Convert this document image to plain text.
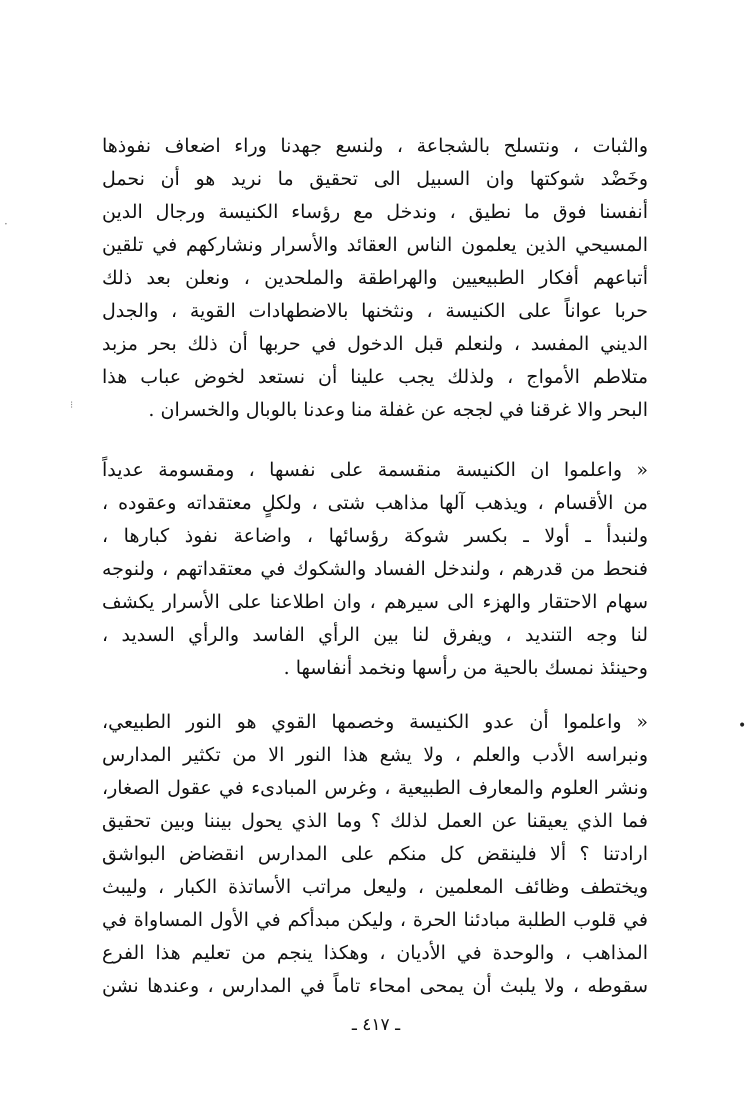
·
⁝
•
والثبات ، ونتسلح بالشجاعة ، ولنسع جهدنا وراء اضعاف نفوذها
وخَضْد شوكتها وان السبيل الى تحقيق ما نريد هو أن نحمل
أنفسنا فوق ما نطيق ، وندخل مع رؤساء الكنيسة ورجال الدين
المسيحي الذين يعلمون الناس العقائد والأسرار ونشاركهم في تلقين
أتباعهم أفكار الطبيعيين والهراطقة والملحدين ، ونعلن بعد ذلك
حربا عواناً على الكنيسة ، ونثخنها بالاضطهادات القوية ، والجدل
الديني المفسد ، ولنعلم قبل الدخول في حربها أن ذلك بحر مزبد
متلاطم الأمواج ، ولذلك يجب علينا أن نستعد لخوض عباب هذا
البحر والا غرقنا في لججه عن غفلة منا وعدنا بالوبال والخسران .
« واعلموا ان الكنيسة منقسمة على نفسها ، ومقسومة عديداً
من الأقسام ، ويذهب آلها مذاهب شتى ، ولكلٍ معتقداته وعقوده ،
ولنبدأ ـ أولا ـ بكسر شوكة رؤسائها ، واضاعة نفوذ كبارها ،
فنحط من قدرهم ، ولندخل الفساد والشكوك في معتقداتهم ، ولنوجه
سهام الاحتقار والهزء الى سيرهم ، وان اطلاعنا على الأسرار يكشف
لنا وجه التنديد ، ويفرق لنا بين الرأي الفاسد والرأي السديد ،
وحينئذ نمسك بالحية من رأسها ونخمد أنفاسها .
« واعلموا أن عدو الكنيسة وخصمها القوي هو النور الطبيعي،
ونبراسه الأدب والعلم ، ولا يشع هذا النور الا من تكثير المدارس
ونشر العلوم والمعارف الطبيعية ، وغرس المبادىء في عقول الصغار،
فما الذي يعيقنا عن العمل لذلك ؟ وما الذي يحول بيننا وبين تحقيق
ارادتنا ؟ ألا فلينقض كل منكم على المدارس انقضاض البواشق
ويختطف وظائف المعلمين ، وليعل مراتب الأساتذة الكبار ، وليبث
في قلوب الطلبة مبادئنا الحرة ، وليكن مبدأكم في الأول المساواة في
المذاهب ، والوحدة في الأديان ، وهكذا ينجم من تعليم هذا الفرع
سقوطه ، ولا يلبث أن يمحى امحاء تاماً في المدارس ، وعندها نشن
ـ ٤١٧ ـ
